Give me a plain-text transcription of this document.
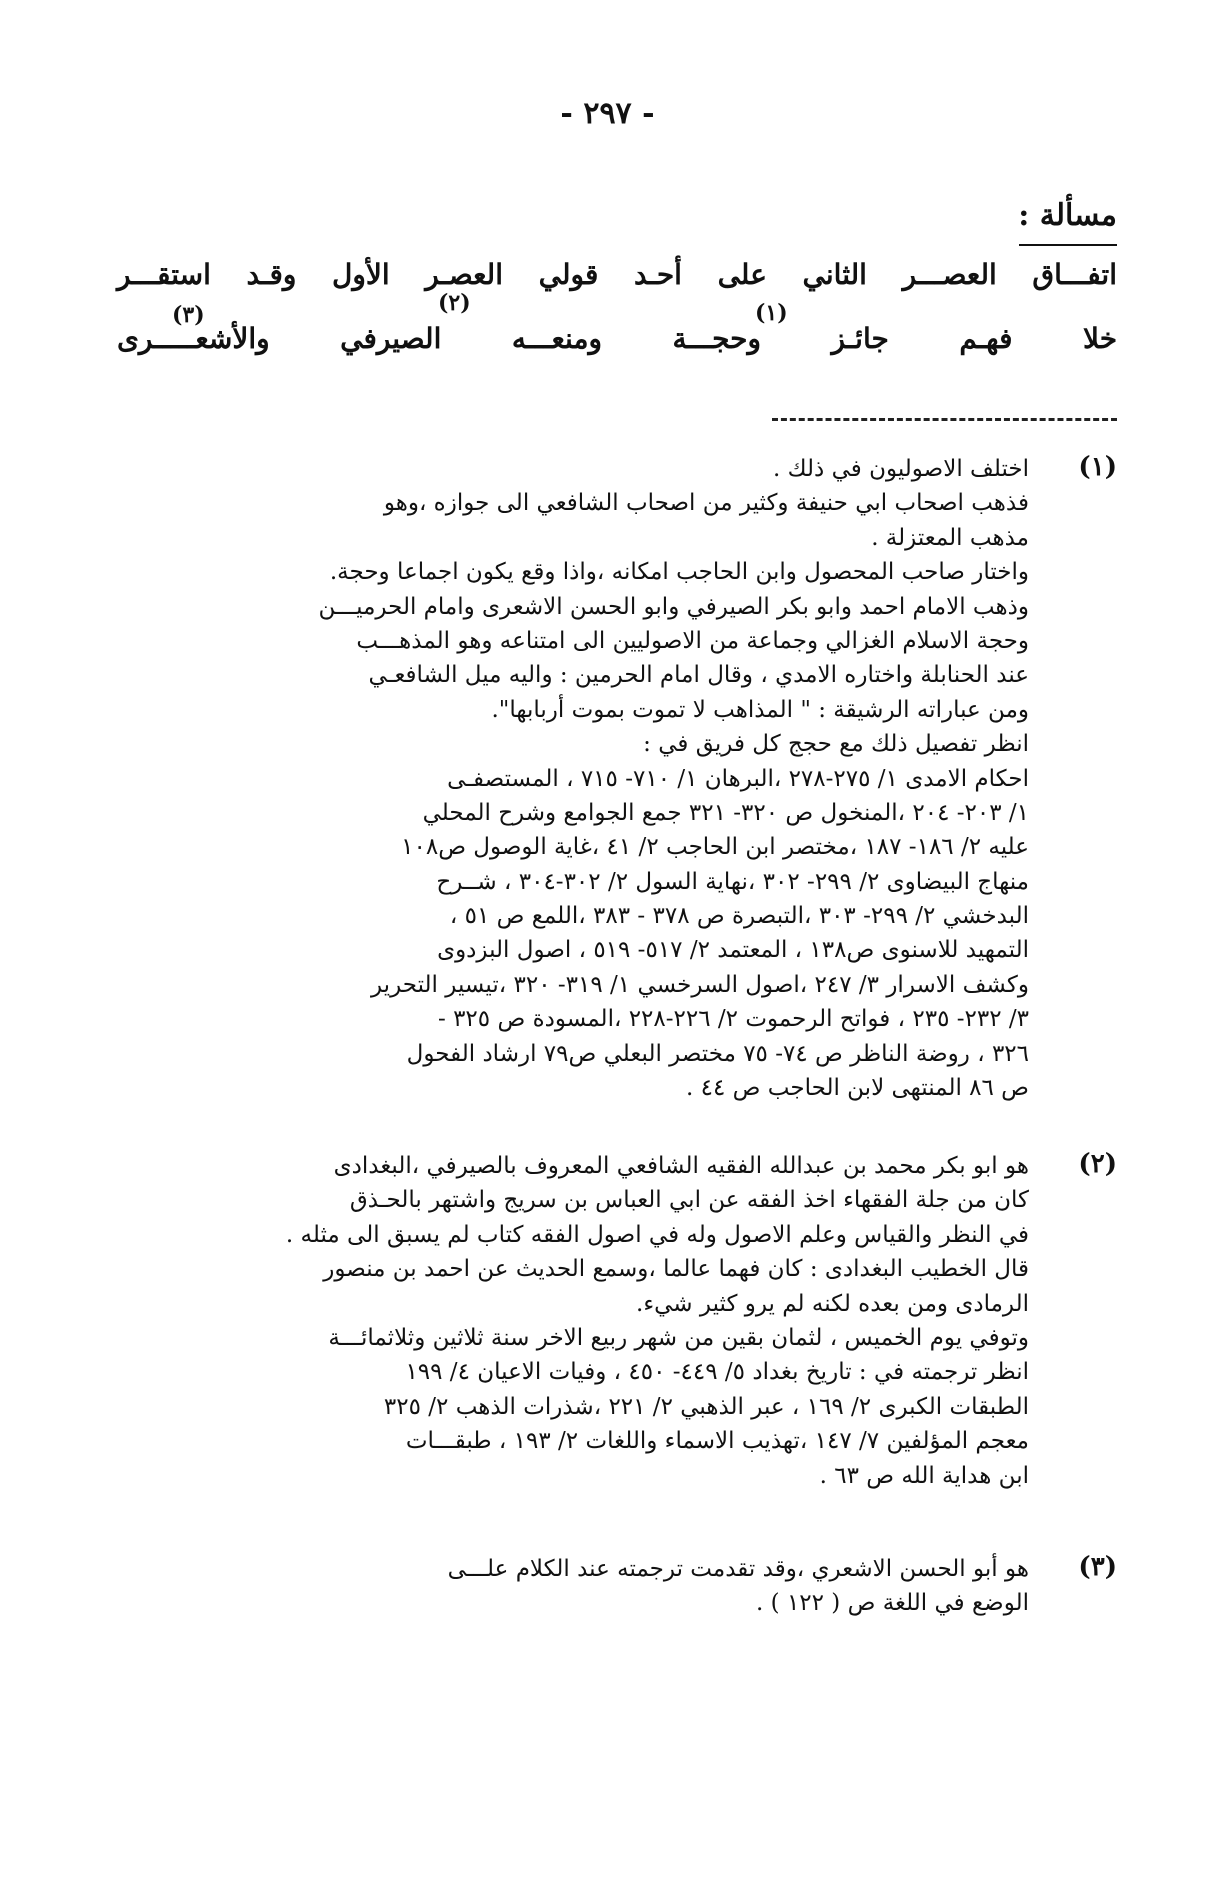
- ٢٩٧ -
مسألة :
اتفـــاق العصـــر الثاني على أحـد قولي العصـر الأول وقـد استقـــر
(٣)	(٢)	(١)
خلا فهـم جائـز وحجـــة ومنعـــه الصيرفي والأشعـــــرى
(١)
اختلف الاصوليون في ذلك .
فذهب اصحاب ابي حنيفة وكثير من اصحاب الشافعي الى جوازه ،وهو
مذهب المعتزلة .
واختار صاحب المحصول وابن الحاجب امكانه ،واذا وقع يكون اجماعا وحجة.
وذهب الامام احمد وابو بكر الصيرفي وابو الحسن الاشعرى وامام الحرميـــن
وحجة الاسلام الغزالي وجماعة من الاصوليين الى امتناعه وهو المذهـــب
عند الحنابلة واختاره الامدي ، وقال امام الحرمين : واليه ميل الشافعـي
ومن عباراته الرشيقة : " المذاهب لا تموت بموت أربابها".
انظر تفصيل ذلك مع حجج كل فريق في :
احكام الامدى ١/ ٢٧٥-٢٧٨ ،البرهان ١/ ٧١٠- ٧١٥ ، المستصفـى
١/ ٢٠٣- ٢٠٤ ،المنخول ص ٣٢٠- ٣٢١ جمع الجوامع وشرح المحلي
عليه ٢/ ١٨٦- ١٨٧ ،مختصر ابن الحاجب ٢/ ٤١ ،غاية الوصول ص١٠٨
منهاج البيضاوى ٢/ ٢٩٩- ٣٠٢ ،نهاية السول ٢/ ٣٠٢-٣٠٤ ، شــرح
البدخشي ٢/ ٢٩٩- ٣٠٣ ،التبصرة ص ٣٧٨ - ٣٨٣ ،اللمع ص ٥١ ،
التمهيد للاسنوى ص١٣٨ ، المعتمد ٢/ ٥١٧- ٥١٩ ، اصول البزدوى
وكشف الاسرار ٣/ ٢٤٧ ،اصول السرخسي ١/ ٣١٩- ٣٢٠ ،تيسير التحرير
٣/ ٢٣٢- ٢٣٥ ، فواتح الرحموت ٢/ ٢٢٦-٢٢٨ ،المسودة ص ٣٢٥ -
٣٢٦ ، روضة الناظر ص ٧٤- ٧٥ مختصر البعلي ص٧٩ ارشاد الفحول
ص ٨٦ المنتهى لابن الحاجب ص ٤٤ .
(٢)
هو ابو بكر محمد بن عبدالله الفقيه الشافعي المعروف بالصيرفي ،البغدادى
كان من جلة الفقهاء اخذ الفقه عن ابي العباس بن سريج واشتهر بالحـذق
في النظر والقياس وعلم الاصول وله في اصول الفقه كتاب لم يسبق الى مثله .
قال الخطيب البغدادى : كان فهما عالما ،وسمع الحديث عن احمد بن منصور
الرمادى ومن بعده لكنه لم يرو كثير شيء.
وتوفي يوم الخميس ، لثمان بقين من شهر ربيع الاخر سنة ثلاثين وثلاثمائـــة
انظر ترجمته في : تاريخ بغداد ٥/ ٤٤٩- ٤٥٠ ، وفيات الاعيان ٤/ ١٩٩
الطبقات الكبرى ٢/ ١٦٩ ، عبر الذهبي ٢/ ٢٢١ ،شذرات الذهب ٢/ ٣٢٥
معجم المؤلفين ٧/ ١٤٧ ،تهذيب الاسماء واللغات ٢/ ١٩٣ ، طبقـــات
ابن هداية الله ص ٦٣ .
(٣)
هو أبو الحسن الاشعري ،وقد تقدمت ترجمته عند الكلام علـــى
الوضع في اللغة ص ( ١٢٢ ) .
